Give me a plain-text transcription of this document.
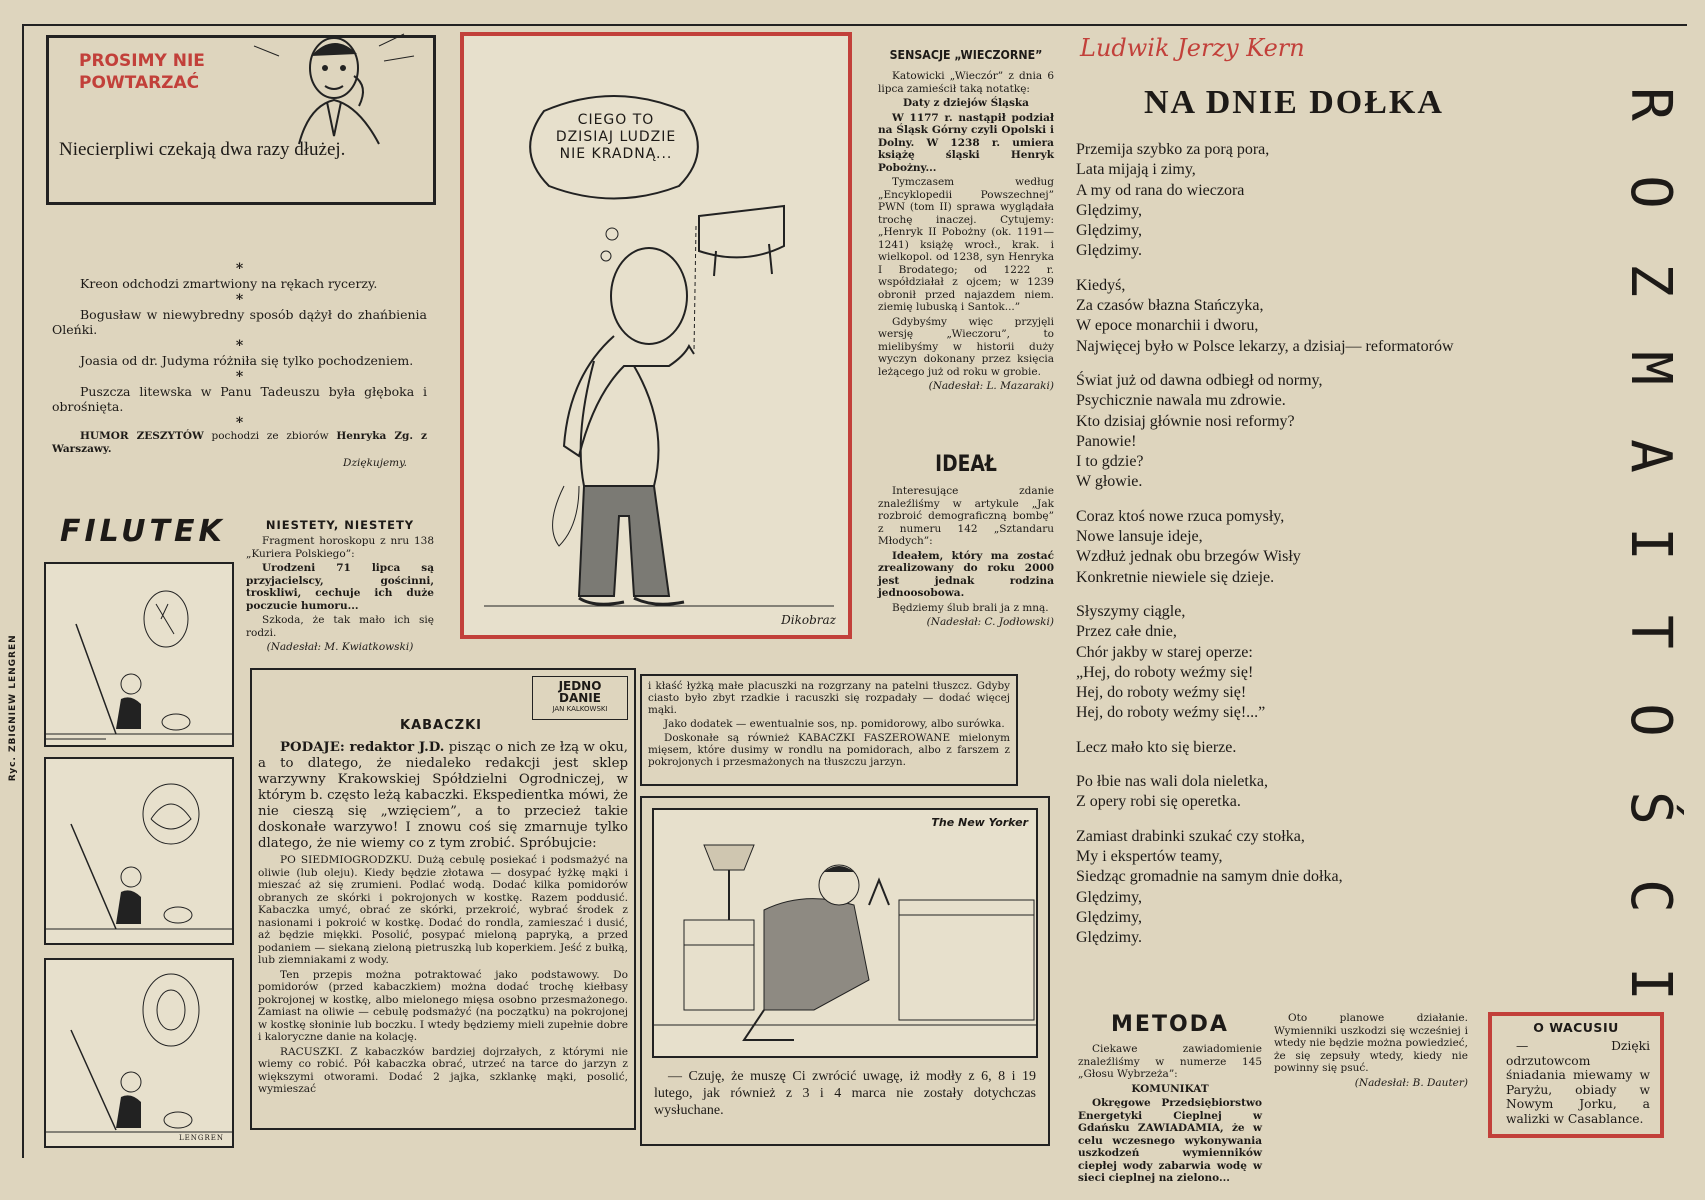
Ryc. ZBIGNIEW LENGREN
PROSIMY NIE
POWTARZAĆ
Niecierpliwi czekają dwa razy dłużej.
*

Kreon odchodzi zmartwiony na rękach rycerzy.

*

Bogusław w niewybredny sposób dążył do zhańbienia Oleńki.

*

Joasia od dr. Judyma różniła się tylko pochodzeniem.

*

Puszcza litewska w Panu Tadeuszu była głęboka i obrośnięta.

*

HUMOR ZESZYTÓW pochodzi ze zbiorów Henryka Zg. z Warszawy.

Dziękujemy.

FILUTEK
LENGREN
NIESTETY, NIESTETY

Fragment horoskopu z nru 138 „Kuriera Polskiego”:

Urodzeni 71 lipca są przyjacielscy, gościnni, troskliwi, cechuje ich duże poczucie humoru...

Szkoda, że tak mało ich się rodzi.

(Nadesłał: M. Kwiatkowski)

CIEGO TO DZISIAJ LUDZIE NIE KRADNĄ...
Dikobraz
SENSACJE „WIECZORNE”

Katowicki „Wieczór” z dnia 6 lipca zamieścił taką notatkę:

Daty z dziejów Śląska

W 1177 r. nastąpił podział na Śląsk Górny czyli Opolski i Dolny. W 1238 r. umiera książę śląski Henryk Pobożny...

Tymczasem według „Encyklopedii Powszechnej” PWN (tom II) sprawa wyglądała trochę inaczej. Cytujemy: „Henryk II Pobożny (ok. 1191—1241) książę wrocł., krak. i wielkopol. od 1238, syn Henryka I Brodatego; od 1222 r. współdziałał z ojcem; w 1239 obronił przed najazdem niem. ziemię lubuską i Santok...”

Gdybyśmy więc przyjęli wersję „Wieczoru”, to mielibyśmy w historii duży wyczyn dokonany przez księcia leżącego już od roku w grobie.

(Nadesłał: L. Mazaraki)

IDEAŁ

Interesujące zdanie znaleźliśmy w artykule „Jak rozbroić demograficzną bombę” z numeru 142 „Sztandaru Młodych”:

Ideałem, który ma zostać zrealizowany do roku 2000 jest jednak rodzina jednoosobowa.

Będziemy ślub brali ja z mną.

(Nadesłał: C. Jodłowski)

Ludwik Jerzy Kern
NA DNIE DOŁKA
Przemija szybko za porą pora,
Lata mijają i zimy,
A my od rana do wieczora
Ględzimy,
Ględzimy,
Ględzimy.
Kiedyś,
Za czasów błazna Stańczyka,
W epoce monarchii i dworu,
Najwięcej było w Polsce lekarzy, a dzisiaj— reformatorów
Świat już od dawna odbiegł od normy,
Psychicznie nawala mu zdrowie.
Kto dzisiaj głównie nosi reformy?
Panowie!
I to gdzie?
W głowie.
Coraz ktoś nowe rzuca pomysły,
Nowe lansuje ideje,
Wzdłuż jednak obu brzegów Wisły
Konkretnie niewiele się dzieje.
Słyszymy ciągle,
Przez całe dnie,
Chór jakby w starej operze:
„Hej, do roboty weźmy się!
Hej, do roboty weźmy się!
Hej, do roboty weźmy się!...”
Lecz mało kto się bierze.
Po łbie nas wali dola nieletka,
Z opery robi się operetka.
Zamiast drabinki szukać czy stołka,
My i ekspertów teamy,
Siedząc gromadnie na samym dnie dołka,
Ględzimy,
Ględzimy,
Ględzimy.
R
O
Z
M
A
I
T
O
Ś
C
I
JEDNO
DANIE
JAN KALKOWSKI
KABACZKI

PODAJE: redaktor J.D. pisząc o nich ze łzą w oku, a to dlatego, że niedaleko redakcji jest sklep warzywny Krakowskiej Spółdzielni Ogrodniczej, w którym b. często leżą kabaczki. Ekspedientka mówi, że nie cieszą się „wzięciem”, a to przecież takie doskonałe warzywo! I znowu coś się zmarnuje tylko dlatego, że nie wiemy co z tym zrobić. Spróbujcie:

PO SIEDMIOGRODZKU. Dużą cebulę posiekać i podsmażyć na oliwie (lub oleju). Kiedy będzie złotawa — dosypać łyżkę mąki i mieszać aż się zrumieni. Podlać wodą. Dodać kilka pomidorów obranych ze skórki i pokrojonych w kostkę. Razem poddusić. Kabaczka umyć, obrać ze skórki, przekroić, wybrać środek z nasionami i pokroić w kostkę. Dodać do rondla, zamieszać i dusić, aż będzie miękki. Posolić, posypać mieloną papryką, a przed podaniem — siekaną zieloną pietruszką lub koperkiem. Jeść z bułką, lub ziemniakami z wody.

Ten przepis można potraktować jako podstawowy. Do pomidorów (przed kabaczkiem) można dodać trochę kiełbasy pokrojonej w kostkę, albo mielonego mięsa osobno przesmażonego. Zamiast na oliwie — cebulę podsmażyć (na początku) na pokrojonej w kostkę słoninie lub boczku. I wtedy będziemy mieli zupełnie dobre i kaloryczne danie na kolację.

RACUSZKI. Z kabaczków bardziej dojrzałych, z którymi nie wiemy co robić. Pół kabaczka obrać, utrzeć na tarce do jarzyn z większymi otworami. Dodać 2 jajka, szklankę mąki, posolić, wymieszać

i kłaść łyżką małe placuszki na rozgrzany na patelni tłuszcz. Gdyby ciasto było zbyt rzadkie i racuszki się rozpadały — dodać więcej mąki.

Jako dodatek — ewentualnie sos, np. pomidorowy, albo surówka.

Doskonałe są również KABACZKI FASZEROWANE mielonym mięsem, które dusimy w rondlu na pomidorach, albo z farszem z pokrojonych i przesmażonych na tłuszczu jarzyn.

The New Yorker
— Czuję, że muszę Ci zwrócić uwagę, iż modły z 6, 8 i 19 lutego, jak również z 3 i 4 marca nie zostały dotychczas wysłuchane.
METODA

Ciekawe zawiadomienie znaleźliśmy w numerze 145 „Głosu Wybrzeża”:

KOMUNIKAT

Okręgowe Przedsiębiorstwo Energetyki Cieplnej w Gdańsku ZAWIADAMIA, że w celu wczesnego wykonywania uszkodzeń wymienników ciepłej wody zabarwia wodę w sieci cieplnej na zielono...

Oto planowe działanie. Wymienniki uszkodzi się wcześniej i wtedy nie będzie można powiedzieć, że się zepsuły wtedy, kiedy nie powinny się psuć.

(Nadesłał: B. Dauter)

O WACUSIU

— Dzięki odrzutowcom śniadania miewamy w Paryżu, obiady w Nowym Jorku, a walizki w Casablance.
